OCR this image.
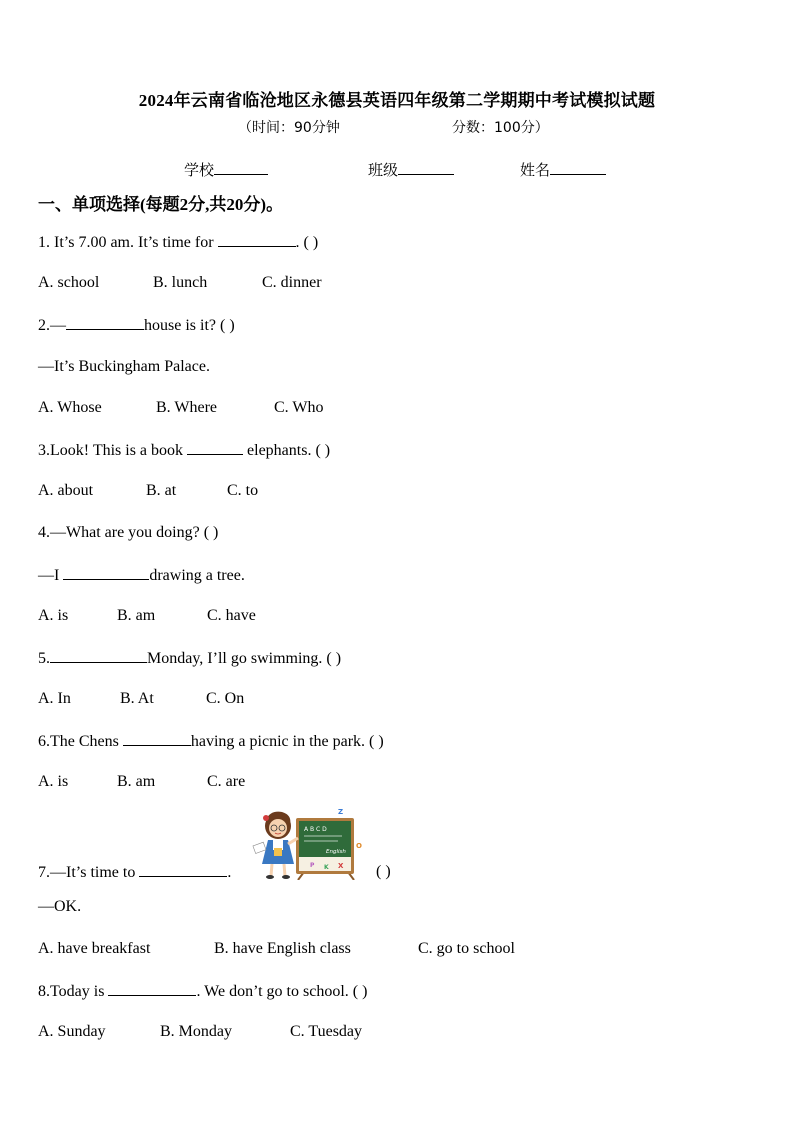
2024年云南省临沧地区永德县英语四年级第二学期期中考试模拟试题
（时间：90分钟	分数：100分）
学校	班级	姓名
一、单项选择(每题2分,共20分)。
1. It’s 7.00 am. It’s time for	. ( )
A. school	B. lunch	C. dinner
2.—	house is it? ( )
—It’s Buckingham Palace.
A. Whose	B. Where	C. Who
3.Look! This is a book	elephants. ( )
A. about	B. at	C. to
4.—What are you doing? ( )
—I	drawing a tree.
A. is	B. am	C. have
5.	Monday, I’ll go swimming. ( )
A. In	B. At	C. On
6.The Chens	having a picnic in the park. ( )
A. is	B. am	C. are
A B C D
English
Z
O
X
P K
7.—It’s time to	.	( )
—OK.
A. have breakfast	B. have English class	C. go to school
8.Today is	. We don’t go to school. ( )
A. Sunday	B. Monday	C. Tuesday
